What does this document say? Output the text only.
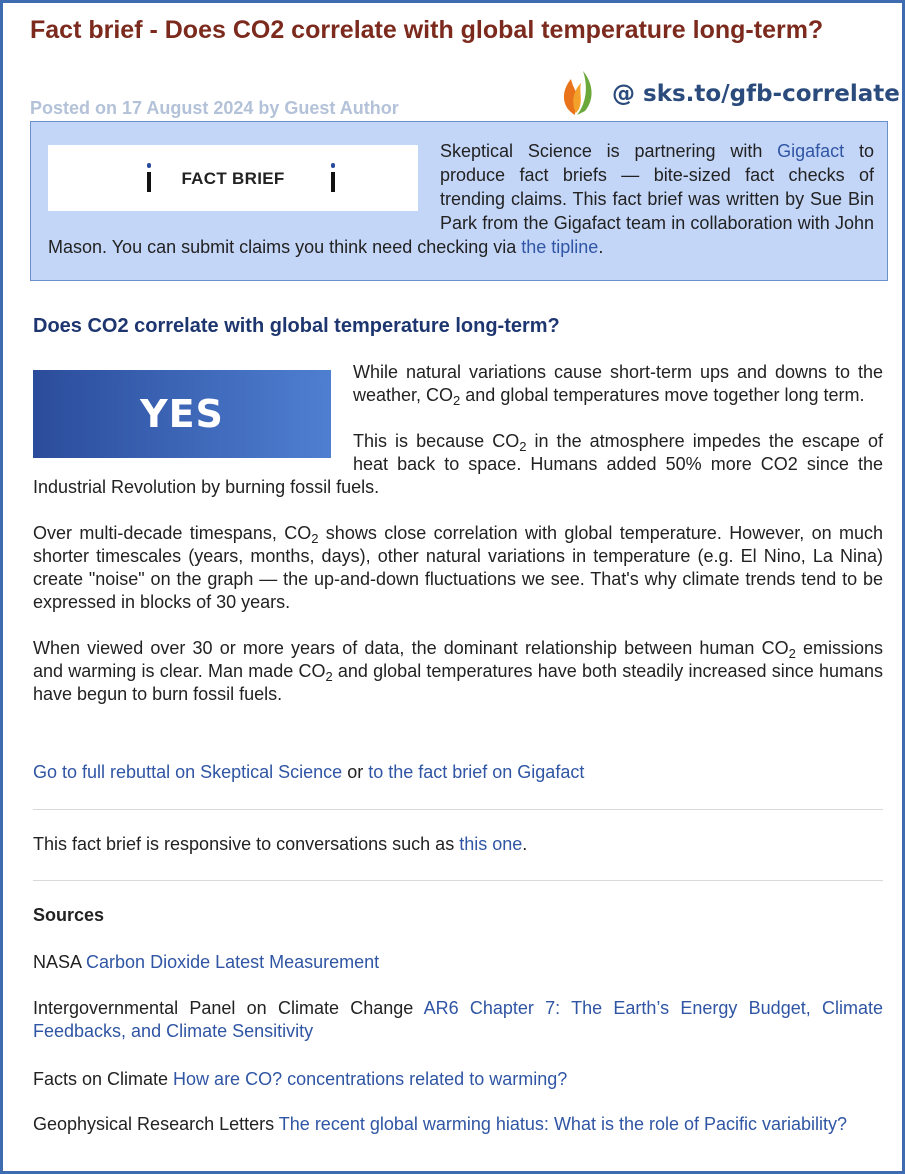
Fact brief - Does CO2 correlate with global temperature long-term?
Posted on 17 August 2024 by Guest Author
@ sks.to/gfb-correlate
FACT BRIEF

Skeptical Science is partnering with Gigafact to produce fact briefs — bite-sized fact checks of trending claims. This fact brief was written by Sue Bin Park from the Gigafact team in collaboration with John Mason. You can submit claims you think need checking via the tipline.

Does CO2 correlate with global temperature long-term?
YES

While natural variations cause short-term ups and downs to the weather, $CO_2$ and global temperatures move together long term.

This is because $CO_2$ in the atmosphere impedes the escape of heat back to space. Humans added 50% more CO2 since the Industrial Revolution by burning fossil fuels.

Over multi-decade timespans, $CO_2$ shows close correlation with global temperature. However, on much shorter timescales (years, months, days), other natural variations in temperature (e.g. El Nino, La Nina) create "noise" on the graph — the up-and-down fluctuations we see. That's why climate trends tend to be expressed in blocks of 30 years.

When viewed over 30 or more years of data, the dominant relationship between human $CO_2$ emissions and warming is clear. Man made $CO_2$ and global temperatures have both steadily increased since humans have begun to burn fossil fuels.

Go to full rebuttal on Skeptical Science or to the fact brief on Gigafact
This fact brief is responsive to conversations such as this one.
Sources
NASA Carbon Dioxide Latest Measurement
Intergovernmental Panel on Climate Change AR6 Chapter 7: The Earth’s Energy Budget, Climate Feedbacks, and Climate Sensitivity
Facts on Climate How are CO? concentrations related to warming?
Geophysical Research Letters The recent global warming hiatus: What is the role of Pacific variability?
